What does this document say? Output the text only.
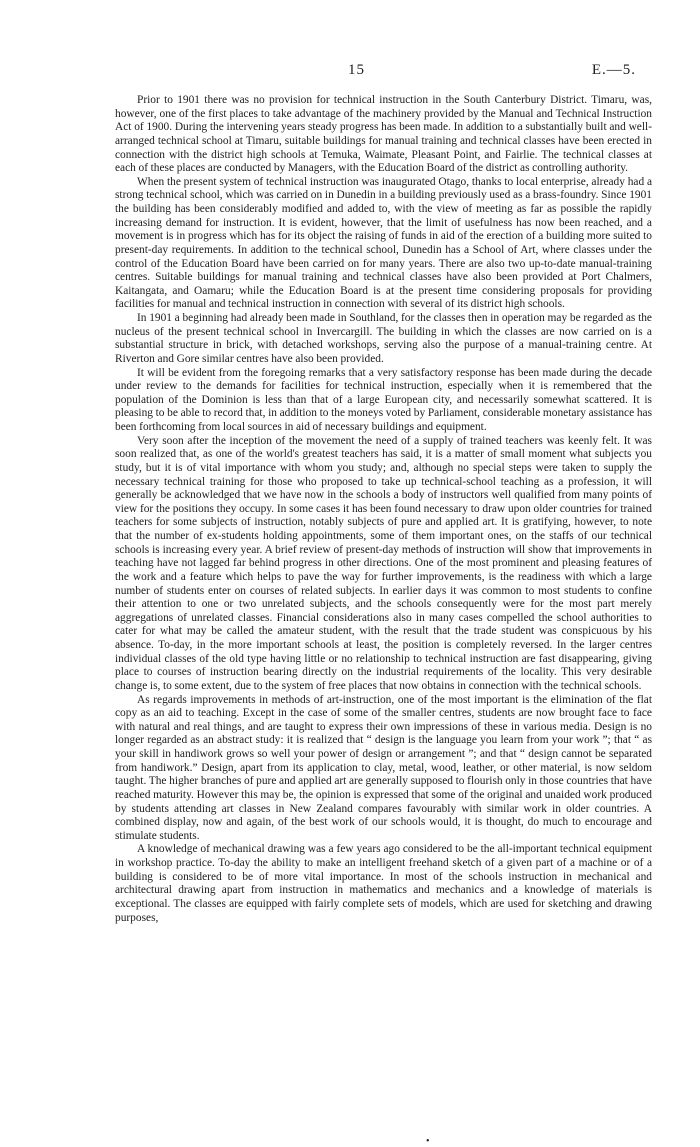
15	E.—5.

Prior to 1901 there was no provision for technical instruction in the South Canterbury District. Timaru, was, however, one of the first places to take advantage of the machinery provided by the Manual and Technical Instruction Act of 1900. During the intervening years steady progress has been made. In addition to a substantially built and well-arranged technical school at Timaru, suitable buildings for manual training and technical classes have been erected in connection with the district high schools at Temuka, Waimate, Pleasant Point, and Fairlie. The technical classes at each of these places are conducted by Managers, with the Education Board of the district as controlling authority.

When the present system of technical instruction was inaugurated Otago, thanks to local enterprise, already had a strong technical school, which was carried on in Dunedin in a building previously used as a brass-foundry. Since 1901 the building has been considerably modified and added to, with the view of meeting as far as possible the rapidly increasing demand for instruction. It is evident, however, that the limit of usefulness has now been reached, and a movement is in progress which has for its object the raising of funds in aid of the erection of a building more suited to present-day requirements. In addition to the technical school, Dunedin has a School of Art, where classes under the control of the Education Board have been carried on for many years. There are also two up-to-date manual-training centres. Suitable buildings for manual training and technical classes have also been provided at Port Chalmers, Kaitangata, and Oamaru; while the Education Board is at the present time considering proposals for providing facilities for manual and technical instruction in connection with several of its district high schools.

In 1901 a beginning had already been made in Southland, for the classes then in operation may be regarded as the nucleus of the present technical school in Invercargill. The building in which the classes are now carried on is a substantial structure in brick, with detached workshops, serving also the purpose of a manual-training centre. At Riverton and Gore similar centres have also been provided.

It will be evident from the foregoing remarks that a very satisfactory response has been made during the decade under review to the demands for facilities for technical instruction, especially when it is remembered that the population of the Dominion is less than that of a large European city, and necessarily somewhat scattered. It is pleasing to be able to record that, in addition to the moneys voted by Parliament, considerable monetary assistance has been forthcoming from local sources in aid of necessary buildings and equipment.

Very soon after the inception of the movement the need of a supply of trained teachers was keenly felt. It was soon realized that, as one of the world's greatest teachers has said, it is a matter of small moment what subjects you study, but it is of vital importance with whom you study; and, although no special steps were taken to supply the necessary technical training for those who proposed to take up technical-school teaching as a profession, it will generally be acknowledged that we have now in the schools a body of instructors well qualified from many points of view for the positions they occupy. In some cases it has been found necessary to draw upon older countries for trained teachers for some subjects of instruction, notably subjects of pure and applied art. It is gratifying, however, to note that the number of ex-students holding appointments, some of them important ones, on the staffs of our technical schools is increasing every year. A brief review of present-day methods of instruction will show that improvements in teaching have not lagged far behind progress in other directions. One of the most prominent and pleasing features of the work and a feature which helps to pave the way for further improvements, is the readiness with which a large number of students enter on courses of related subjects. In earlier days it was common to most students to confine their attention to one or two unrelated subjects, and the schools consequently were for the most part merely aggregations of unrelated classes. Financial considerations also in many cases compelled the school authorities to cater for what may be called the amateur student, with the result that the trade student was conspicuous by his absence. To-day, in the more important schools at least, the position is completely reversed. In the larger centres individual classes of the old type having little or no relationship to technical instruction are fast disappearing, giving place to courses of instruction bearing directly on the industrial requirements of the locality. This very desirable change is, to some extent, due to the system of free places that now obtains in connection with the technical schools.

As regards improvements in methods of art-instruction, one of the most important is the elimination of the flat copy as an aid to teaching. Except in the case of some of the smaller centres, students are now brought face to face with natural and real things, and are taught to express their own impressions of these in various media. Design is no longer regarded as an abstract study: it is realized that “ design is the language you learn from your work ”; that “ as your skill in handiwork grows so well your power of design or arrangement ”; and that “ design cannot be separated from handiwork.” Design, apart from its application to clay, metal, wood, leather, or other material, is now seldom taught. The higher branches of pure and applied art are generally supposed to flourish only in those countries that have reached maturity. However this may be, the opinion is expressed that some of the original and unaided work produced by students attending art classes in New Zealand compares favourably with similar work in older countries. A combined display, now and again, of the best work of our schools would, it is thought, do much to encourage and stimulate students.

A knowledge of mechanical drawing was a few years ago considered to be the all-important technical equipment in workshop practice. To-day the ability to make an intelligent freehand sketch of a given part of a machine or of a building is considered to be of more vital importance. In most of the schools instruction in mechanical and architectural drawing apart from instruction in mathematics and mechanics and a knowledge of materials is exceptional. The classes are equipped with fairly complete sets of models, which are used for sketching and drawing purposes,

•
